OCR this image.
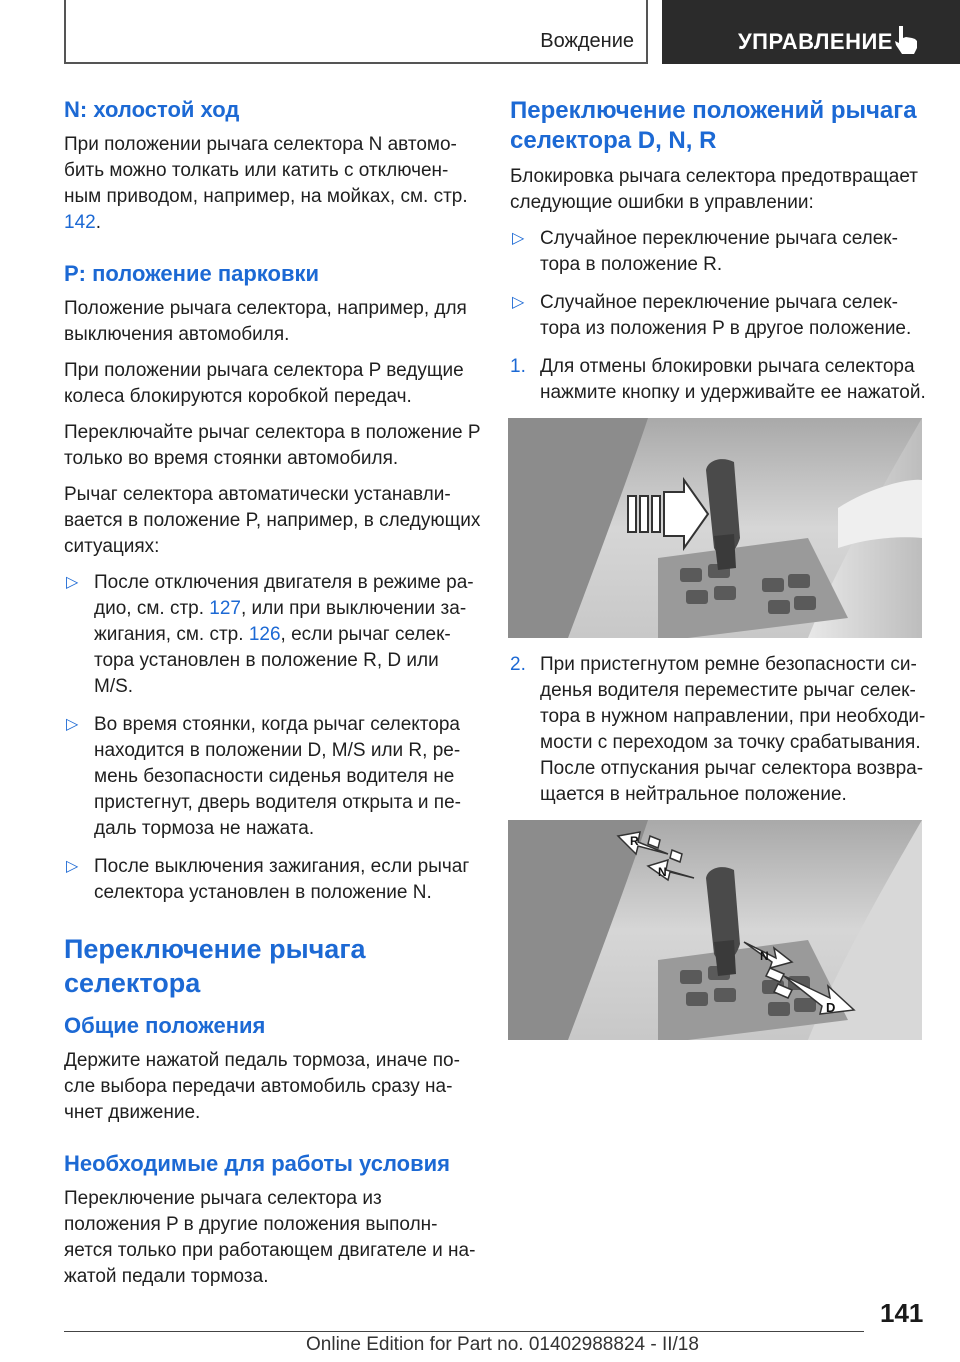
Вождение	УПРАВЛЕНИЕ
N: холостой ход

При положении рычага селектора N автомо-бить можно толкать или катить с отключен-ным приводом, например, на мойках, см. стр. 142.

P: положение парковки

Положение рычага селектора, например, для выключения автомобиля.

При положении рычага селектора P ведущие колеса блокируются коробкой передач.

Переключайте рычаг селектора в положение P только во время стоянки автомобиля.

Рычаг селектора автоматически устанавли-вается в положение P, например, в следующих ситуациях:

▷ После отключения двигателя в режиме ра-дио, см. стр. 127, или при выключении за-жигания, см. стр. 126, если рычаг селек-тора установлен в положение R, D или M/S.
▷ Во время стоянки, когда рычаг селектора находится в положении D, M/S или R, ре-мень безопасности сиденья водителя не пристегнут, дверь водителя открыта и пе-даль тормоза не нажата.
▷ После выключения зажигания, если рычаг селектора установлен в положение N.
Переключение рычага селектора
Общие положения

Держите нажатой педаль тормоза, иначе по-сле выбора передачи автомобиль сразу на-чнет движение.

Необходимые для работы условия

Переключение рычага селектора из положения P в другие положения выполн-яется только при работающем двигателе и на-жатой педали тормоза.

Переключение положений рычага селектора D, N, R

Блокировка рычага селектора предотвращает следующие ошибки в управлении:

▷ Случайное переключение рычага селек-тора в положение R.
▷ Случайное переключение рычага селек-тора из положения P в другое положение.
1. Для отмены блокировки рычага селектора нажмите кнопку и удерживайте ее нажатой.
2. При пристегнутом ремне безопасности си-денья водителя переместите рычаг селек-тора в нужном направлении, при необходи-мости с переходом за точку срабатывания. После отпускания рычаг селектора возвра-щается в нейтральное положение.
R
N
N
D
141
Online Edition for Part no. 01402988824 - II/18
